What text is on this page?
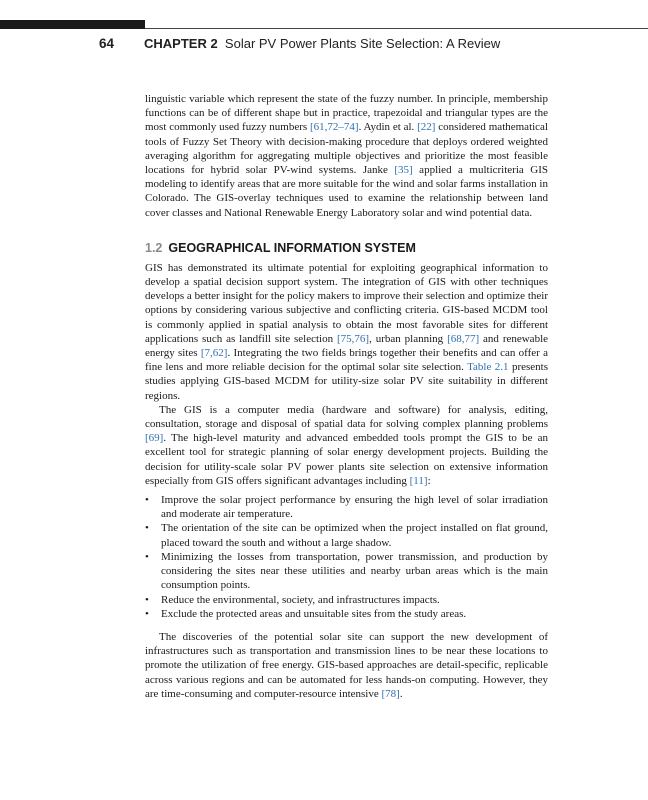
64 CHAPTER 2 Solar PV Power Plants Site Selection: A Review

linguistic variable which represent the state of the fuzzy number. In principle, membership functions can be of different shape but in practice, trapezoidal and triangular types are the most commonly used fuzzy numbers [61,72–74]. Aydin et al. [22] considered mathematical tools of Fuzzy Set Theory with decision-making procedure that deploys ordered weighted averaging algorithm for aggregating multiple objectives and prioritize the most feasible locations for hybrid solar PV-wind systems. Janke [35] applied a multicriteria GIS modeling to identify areas that are more suitable for the wind and solar farms installation in Colorado. The GIS-overlay techniques used to examine the relationship between land cover classes and National Renewable Energy Laboratory solar and wind potential data.

1.2 GEOGRAPHICAL INFORMATION SYSTEM

GIS has demonstrated its ultimate potential for exploiting geographical information to develop a spatial decision support system. The integration of GIS with other techniques develops a better insight for the policy makers to improve their selection and optimize their options by considering various subjective and conflicting criteria. GIS-based MCDM tool is commonly applied in spatial analysis to obtain the most favorable sites for different applications such as landfill site selection [75,76], urban planning [68,77] and renewable energy sites [7,62]. Integrating the two fields brings together their benefits and can offer a fine lens and more reliable decision for the optimal solar site selection. Table 2.1 presents studies applying GIS-based MCDM for utility-size solar PV site suitability in different regions.

The GIS is a computer media (hardware and software) for analysis, editing, consultation, storage and disposal of spatial data for solving complex planning problems [69]. The high-level maturity and advanced embedded tools prompt the GIS to be an excellent tool for strategic planning of solar energy development projects. Building the decision for utility-scale solar PV power plants site selection on extensive information especially from GIS offers significant advantages including [11]:

• Improve the solar project performance by ensuring the high level of solar irradiation and moderate air temperature.
• The orientation of the site can be optimized when the project installed on flat ground, placed toward the south and without a large shadow.
• Minimizing the losses from transportation, power transmission, and production by considering the sites near these utilities and nearby urban areas which is the main consumption points.
• Reduce the environmental, society, and infrastructures impacts.
• Exclude the protected areas and unsuitable sites from the study areas.

The discoveries of the potential solar site can support the new development of infrastructures such as transportation and transmission lines to be near these locations to promote the utilization of free energy. GIS-based approaches are detail-specific, replicable across various regions and can be automated for less hands-on computing. However, they are time-consuming and computer-resource intensive [78].
